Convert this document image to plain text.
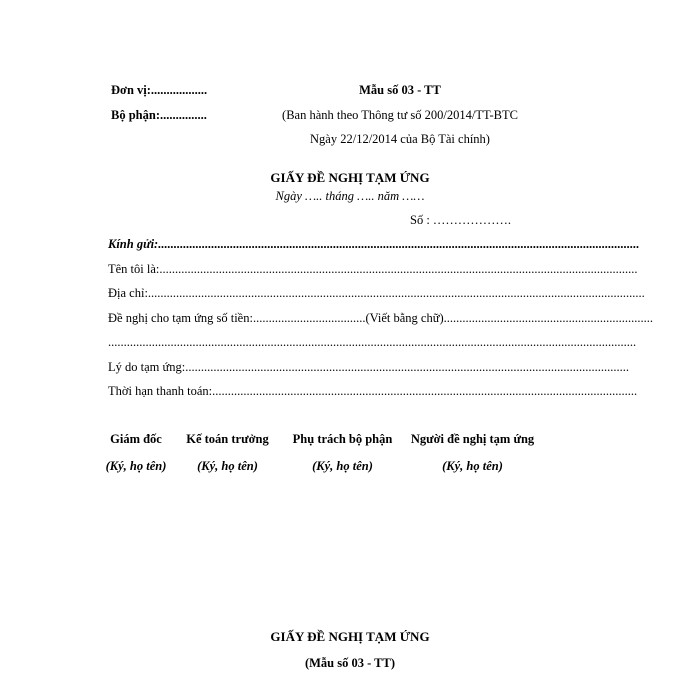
Đơn vị:..................
Bộ phận:...............
Mẫu số 03 - TT
(Ban hành theo Thông tư số 200/2014/TT-BTC
Ngày 22/12/2014 của Bộ Tài chính)
GIẤY ĐỀ NGHỊ TẠM ỨNG
Ngày ….. tháng ….. năm ……
Số : ……………….
Kính gửi:..........................................................................................................................................................
Tên tôi là:.........................................................................................................................................................
Địa chỉ:...............................................................................................................................................................
Đề nghị cho tạm ứng số tiền:....................................(Viết bằng chữ)...................................................................
.........................................................................................................................................................................
Lý do tạm ứng:..............................................................................................................................................
Thời hạn thanh toán:........................................................................................................................................
Giám đốc
(Ký, họ tên)
Kế toán trưởng
(Ký, họ tên)
Phụ trách bộ phận
(Ký, họ tên)
Người đề nghị tạm ứng
(Ký, họ tên)
GIẤY ĐỀ NGHỊ TẠM ỨNG
(Mẫu số 03 - TT)
